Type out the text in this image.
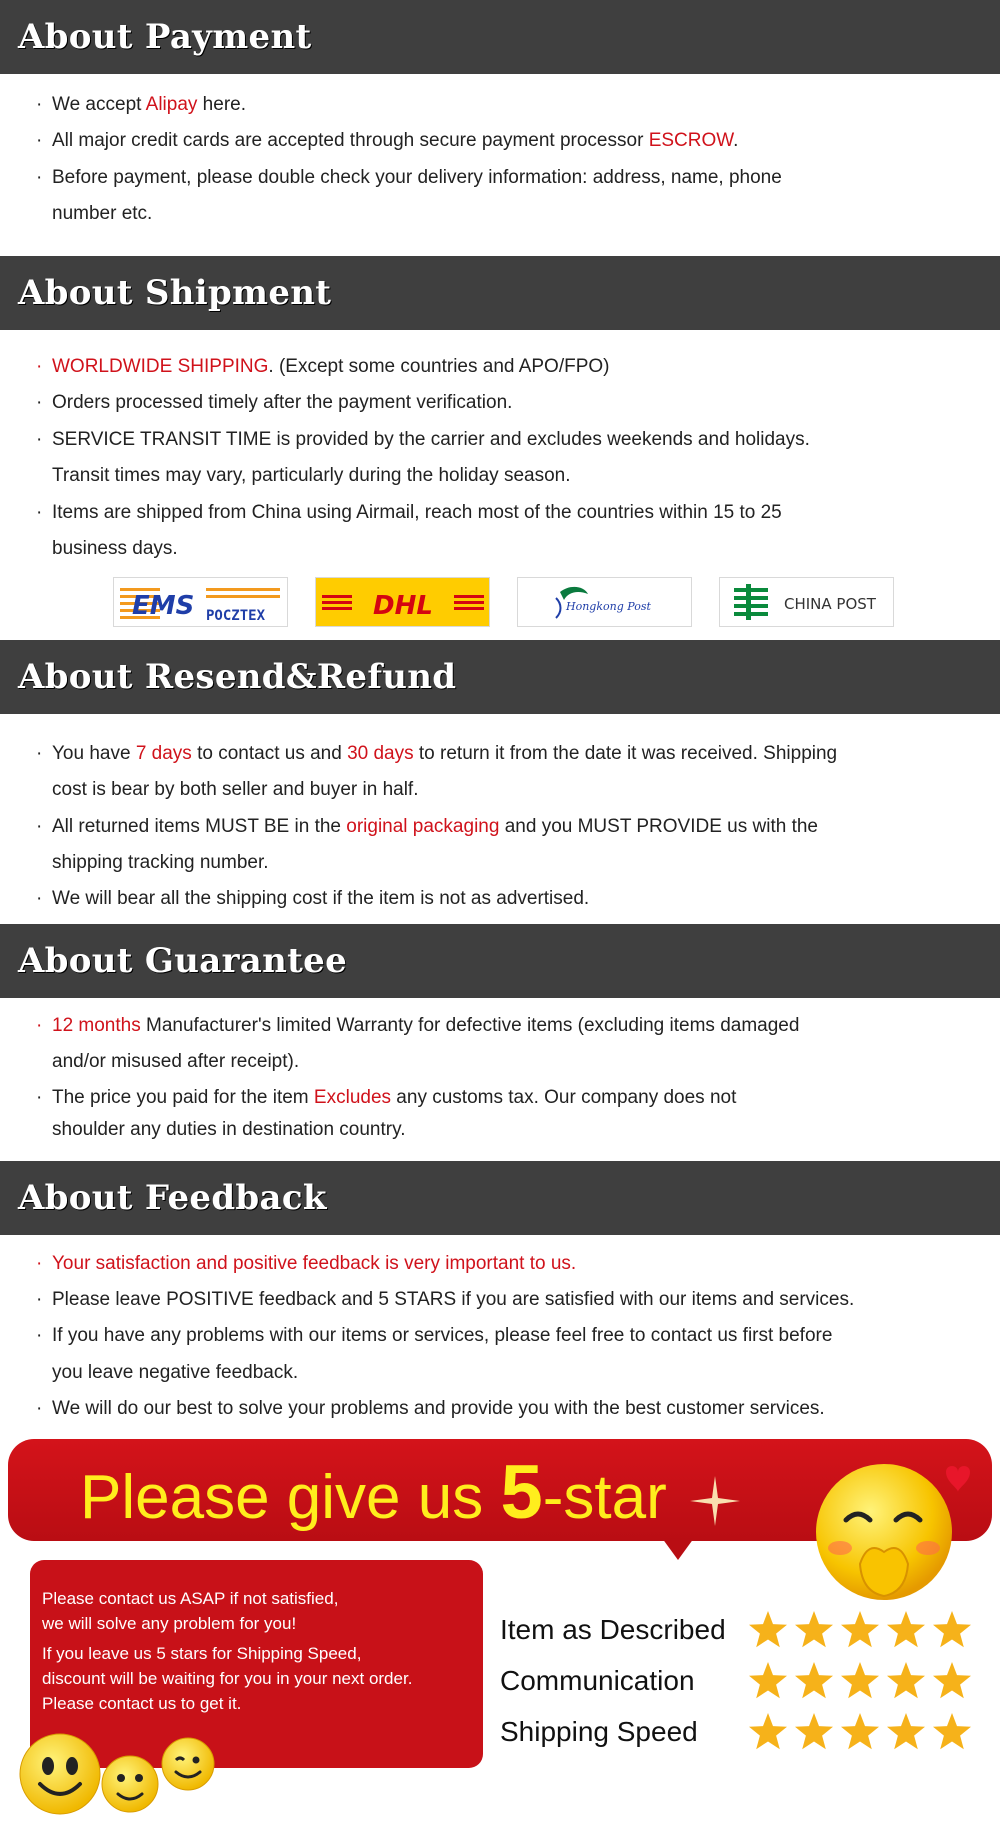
About Payment
· We accept Alipay here.
· All major credit cards are accepted through secure payment processor ESCROW.
· Before payment, please double check your delivery information: address, name, phone
number etc.
About Shipment
· WORLDWIDE SHIPPING. (Except some countries and APO/FPO)
· Orders processed timely after the payment verification.
· SERVICE TRANSIT TIME is provided by the carrier and excludes weekends and holidays.
Transit times may vary, particularly during the holiday season.
· Items are shipped from China using Airmail, reach most of the countries within 15 to 25
business days.
EMS POCZTEX	DHL	Hongkong Post	CHINA POST
About Resend&Refund
· You have 7 days to contact us and 30 days to return it from the date it was received. Shipping
cost is bear by both seller and buyer in half.
· All returned items MUST BE in the original packaging and you MUST PROVIDE us with the
shipping tracking number.
· We will bear all the shipping cost if the item is not as advertised.
About Guarantee
· 12 months Manufacturer's limited Warranty for defective items (excluding items damaged
and/or misused after receipt).
· The price you paid for the item Excludes any customs tax. Our company does not
shoulder any duties in destination country.
About Feedback
· Your satisfaction and positive feedback is very important to us.
· Please leave POSITIVE feedback and 5 STARS if you are satisfied with our items and services.
· If you have any problems with our items or services, please feel free to contact us first before
you leave negative feedback.
· We will do our best to solve your problems and provide you with the best customer services.
Please give us 5-star
Please contact us ASAP if not satisfied,
we will solve any problem for you!
If you leave us 5 stars for Shipping Speed,
discount will be waiting for you in your next order.
Please contact us to get it.
Item as Described
Communication
Shipping Speed
